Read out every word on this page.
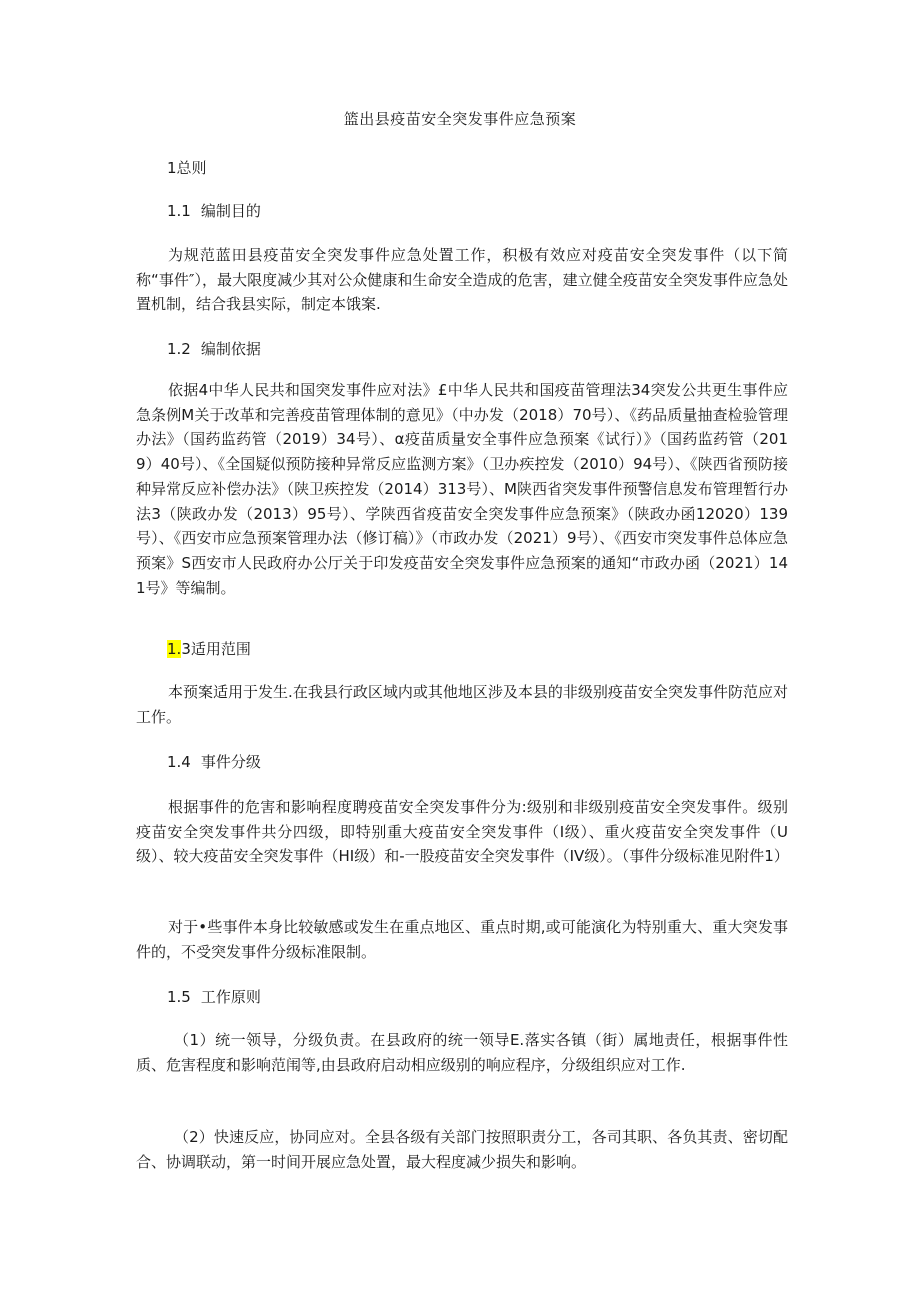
篮出县疫苗安全突发事件应急预案
1总则
1.1 编制目的
为规范蓝田县疫苗安全突发事件应急处置工作，积极有效应对疫苗安全突发事件（以下简称“事件″），最大限度减少其对公众健康和生命安全造成的危害，建立健全疫苗安全突发事件应急处置机制，结合我县实际，制定本饿案.
1.2 编制依据
依据4中华人民共和国突发事件应对法》£中华人民共和国疫苗管理法34突发公共更生事件应急条例M关于改革和完善疫苗管理体制的意见》（中办发（2018）70号）、《药品质量抽查检验管理办法》（国药监药管（2019）34号）、α疫苗质量安全事件应急预案《试行）》（国药监药管（2019）40号）、《全国疑似预防接种异常反应监测方案》（卫办疾控发（2010）94号）、《陕西省预防接种异常反应补偿办法》（陕卫疾控发（2014）313号）、M陕西省突发事件预警信息发布管理暂行办法3（陕政办发（2013）95号）、学陕西省疫苗安全突发事件应急预案》（陕政办函12020）139号）、《西安市应急预案管理办法（修订稿）》（市政办发（2021）9号）、《西安市突发事件总体应急预案》S西安市人民政府办公厅关于印发疫苗安全突发事件应急预案的通知“市政办函（2021）141号》等编制。
1.3适用范围
本预案适用于发生.在我县行政区域内或其他地区涉及本县的非级别疫苗安全突发事件防范应对工作。
1.4 事件分级
根据事件的危害和影响程度聘疫苗安全突发事件分为:级别和非级别疫苗安全突发事件。级别疫苗安全突发事件共分四级，即特别重大疫苗安全突发事件（I级）、重火疫苗安全突发事件（U级）、较大疫苗安全突发事件（HI级）和-一股疫苗安全突发事件（IV级）。（事件分级标准见附件1）
对于•些事件本身比较敏感或发生在重点地区、重点时期,或可能演化为特别重大、重大突发事件的，不受突发事件分级标准限制。
1.5 工作原则
（1）统一领导，分级负责。在县政府的统一领导E.落实各镇（街）属地责任，根据事件性质、危害程度和影响范闱等,由县政府启动相应级别的响应程序，分级组织应对工作.
（2）快速反应，协同应对。全县各级有关部门按照职责分工，各司其职、各负其责、密切配合、协调联动，第一时间开展应急处置，最大程度减少损失和影响。
